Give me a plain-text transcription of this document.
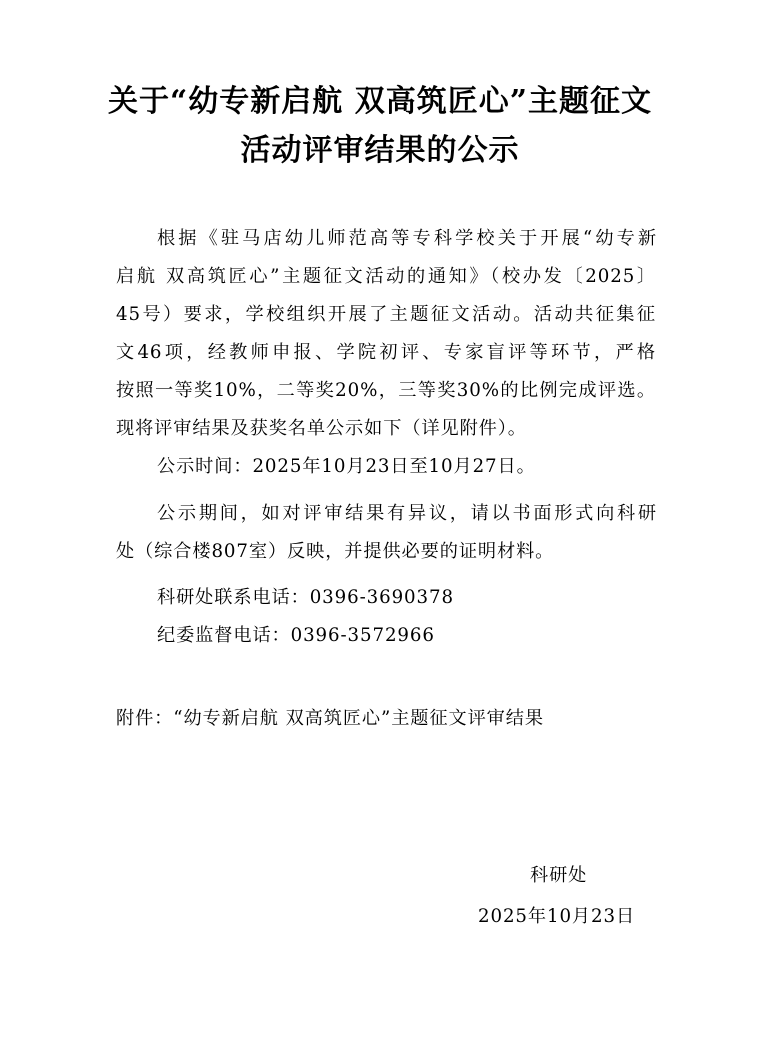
关于“幼专新启航 双高筑匠心”主题征文
活动评审结果的公示
根据《驻马店幼儿师范高等专科学校关于开展“幼专新
启航 双高筑匠心”主题征文活动的通知》（校办发〔2025〕
45号）要求，学校组织开展了主题征文活动。活动共征集征
文46项，经教师申报、学院初评、专家盲评等环节，严格
按照一等奖10%，二等奖20%，三等奖30%的比例完成评选。
现将评审结果及获奖名单公示如下（详见附件）。
公示时间：2025年10月23日至10月27日。
公示期间，如对评审结果有异议，请以书面形式向科研
处（综合楼807室）反映，并提供必要的证明材料。
科研处联系电话：0396-3690378
纪委监督电话：0396-3572966
附件：“幼专新启航 双高筑匠心”主题征文评审结果
科研处
2025年10月23日
